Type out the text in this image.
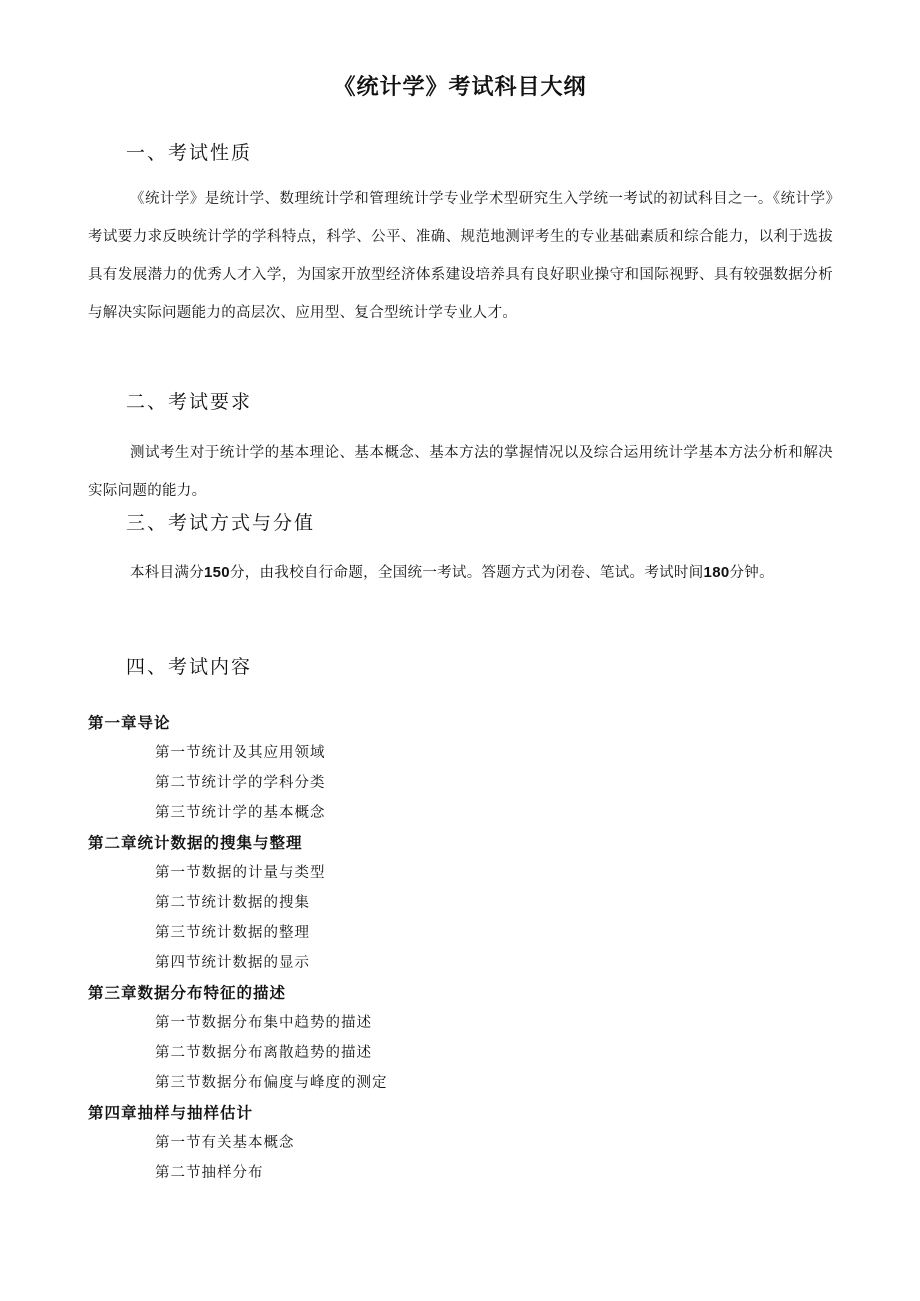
《统计学》考试科目大纲
一、考试性质
《统计学》是统计学、数理统计学和管理统计学专业学术型研究生入学统一考试的初试科目之一。《统计学》考试要力求反映统计学的学科特点，科学、公平、准确、规范地测评考生的专业基础素质和综合能力，以利于选拔具有发展潜力的优秀人才入学，为国家开放型经济体系建设培养具有良好职业操守和国际视野、具有较强数据分析与解决实际问题能力的高层次、应用型、复合型统计学专业人才。
二、考试要求
测试考生对于统计学的基本理论、基本概念、基本方法的掌握情况以及综合运用统计学基本方法分析和解决实际问题的能力。
三、考试方式与分值
本科目满分150分，由我校自行命题，全国统一考试。答题方式为闭卷、笔试。考试时间180分钟。
四、考试内容
第一章导论
第一节统计及其应用领域
第二节统计学的学科分类
第三节统计学的基本概念
第二章统计数据的搜集与整理
第一节数据的计量与类型
第二节统计数据的搜集
第三节统计数据的整理
第四节统计数据的显示
第三章数据分布特征的描述
第一节数据分布集中趋势的描述
第二节数据分布离散趋势的描述
第三节数据分布偏度与峰度的测定
第四章抽样与抽样估计
第一节有关基本概念
第二节抽样分布
